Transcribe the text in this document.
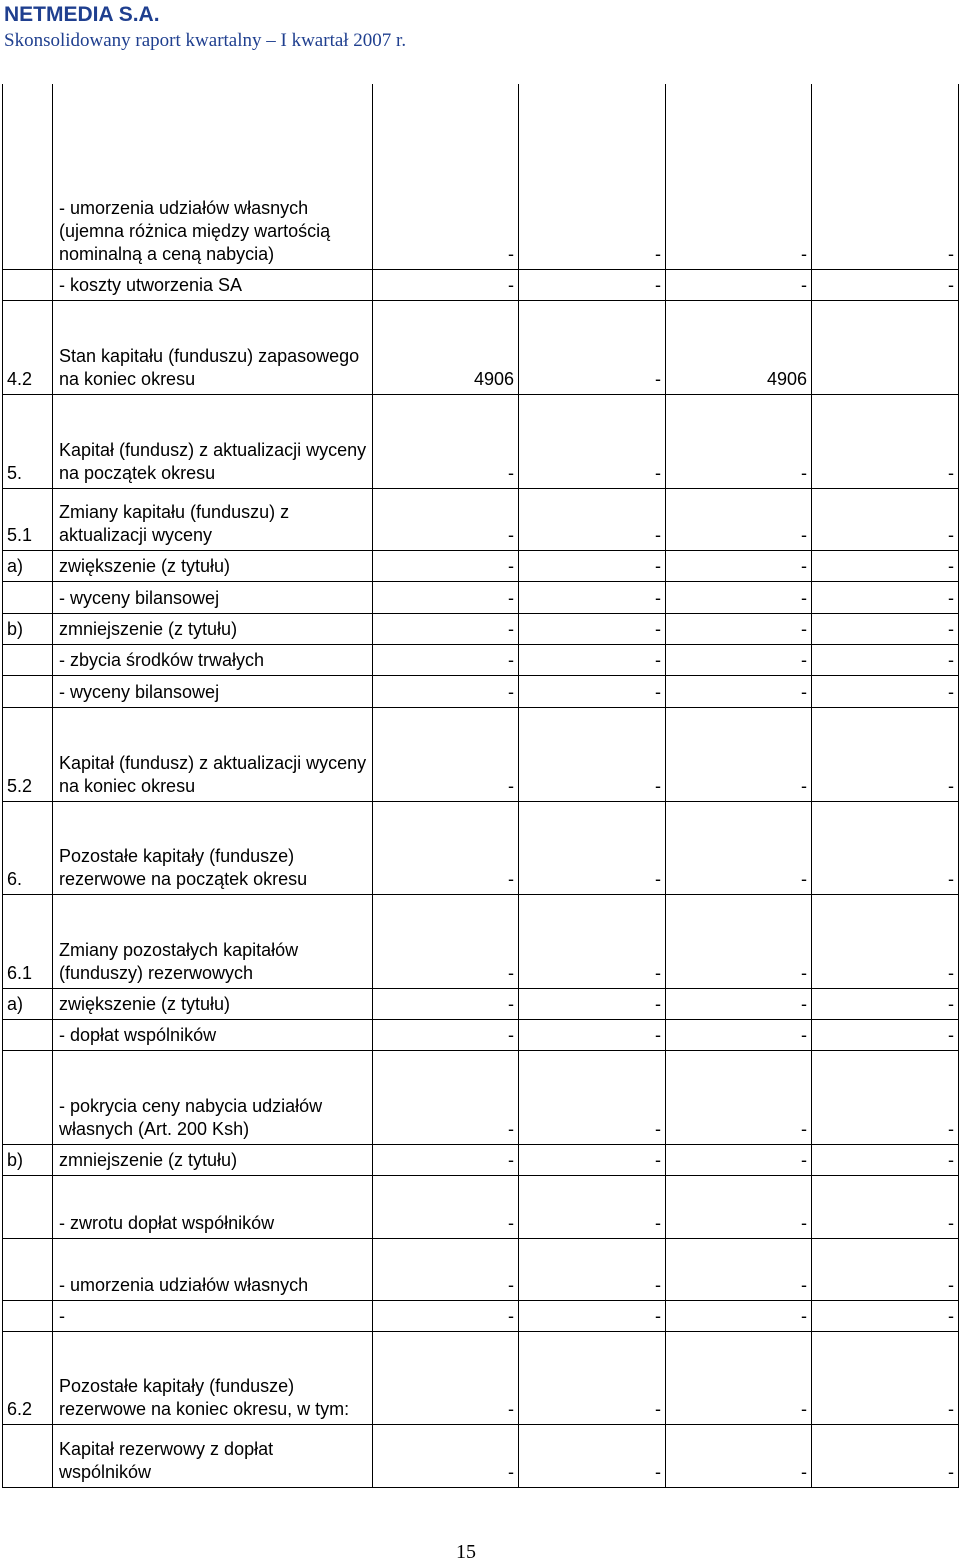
NETMEDIA S.A.
Skonsolidowany raport kwartalny – I kwartał 2007 r.
	- umorzenia udziałów własnych (ujemna różnica między wartością nominalną a ceną nabycia)	-	-	-	-
	- koszty utworzenia SA	-	-	-	-
4.2	Stan kapitału (funduszu) zapasowego na koniec okresu	4906	-	4906	
5.	Kapitał (fundusz) z aktualizacji wyceny na początek okresu	-	-	-	-
5.1	Zmiany kapitału (funduszu) z aktualizacji wyceny	-	-	-	-
a)	zwiększenie (z tytułu)	-	-	-	-
	- wyceny bilansowej	-	-	-	-
b)	zmniejszenie (z tytułu)	-	-	-	-
	- zbycia środków trwałych	-	-	-	-
	- wyceny bilansowej	-	-	-	-
5.2	Kapitał (fundusz) z aktualizacji wyceny na koniec okresu	-	-	-	-
6.	Pozostałe kapitały (fundusze) rezerwowe na początek okresu	-	-	-	-
6.1	Zmiany pozostałych kapitałów (funduszy) rezerwowych	-	-	-	-
a)	zwiększenie (z tytułu)	-	-	-	-
	- dopłat wspólników	-	-	-	-
	- pokrycia ceny nabycia udziałów własnych (Art. 200 Ksh)	-	-	-	-
b)	zmniejszenie (z tytułu)	-	-	-	-
	- zwrotu dopłat współników	-	-	-	-
	- umorzenia udziałów własnych	-	-	-	-
	-	-	-	-	-
6.2	Pozostałe kapitały (fundusze) rezerwowe na koniec okresu, w tym:	-	-	-	-
	Kapitał rezerwowy z dopłat wspólników	-	-	-	-
15
